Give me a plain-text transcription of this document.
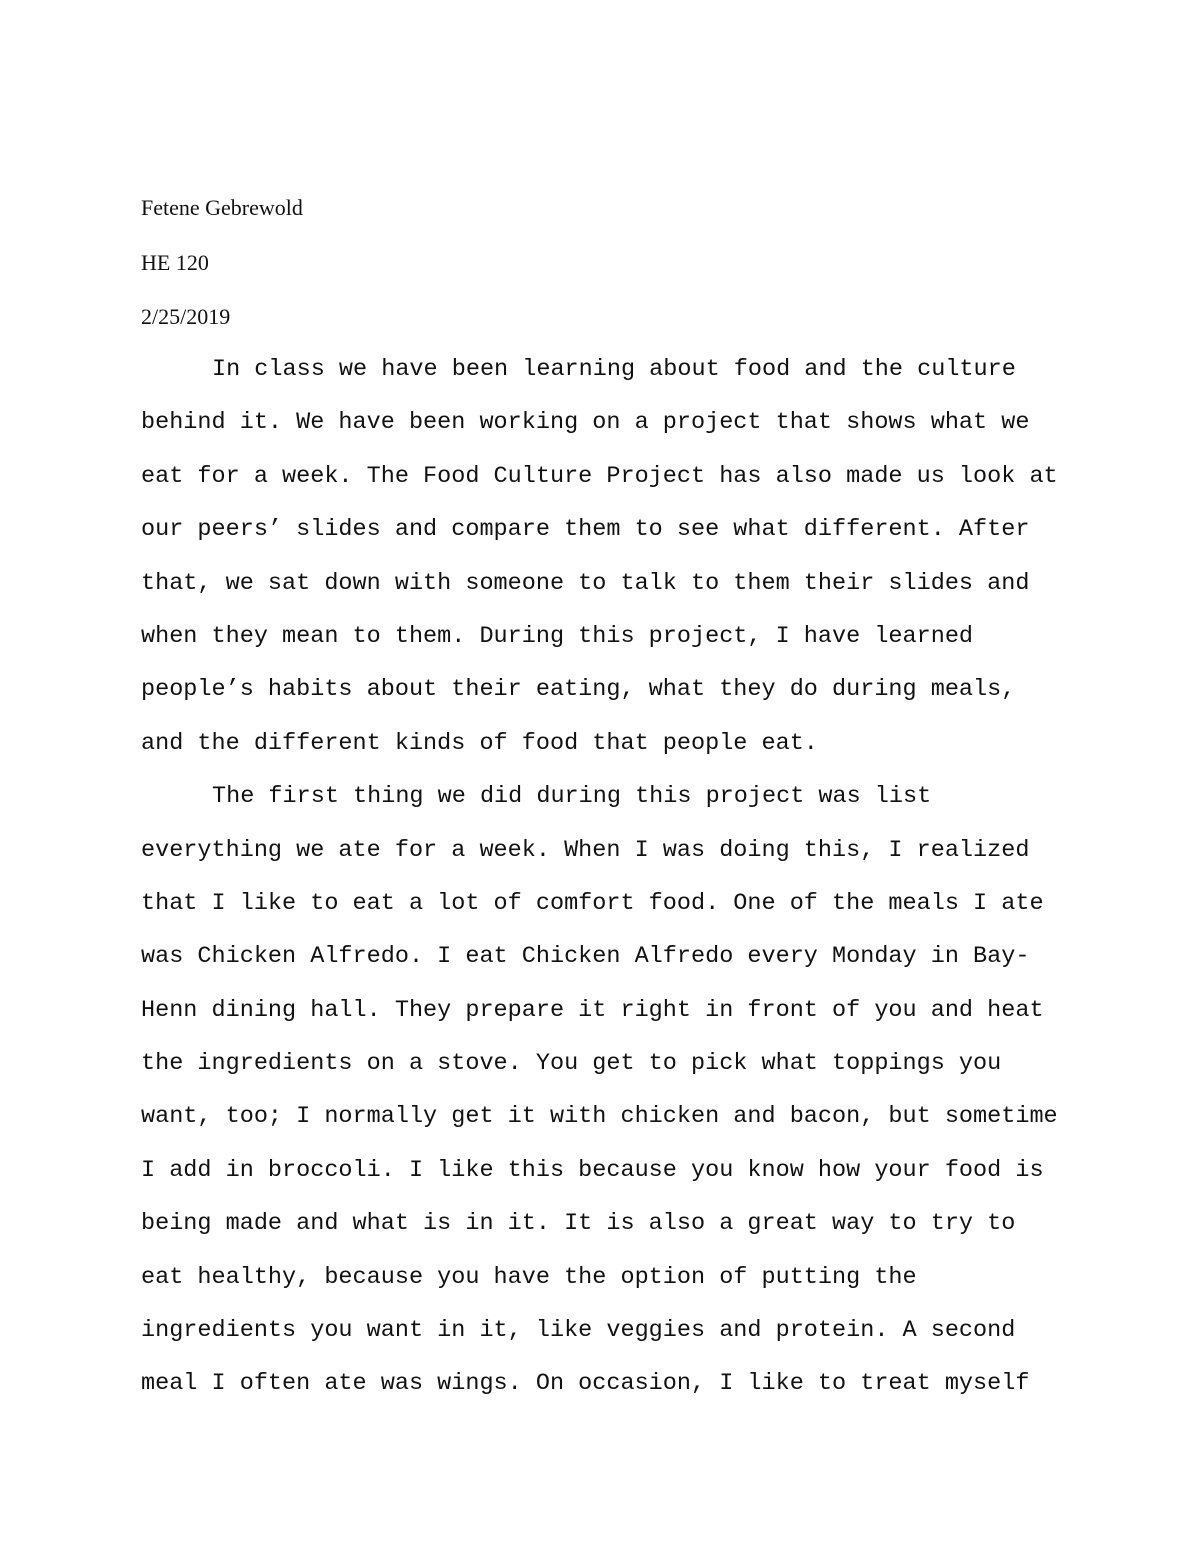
Fetene Gebrewold
HE 120
2/25/2019
In class we have been learning about food and the culture
behind it. We have been working on a project that shows what we
eat for a week. The Food Culture Project has also made us look at
our peers’ slides and compare them to see what different. After
that, we sat down with someone to talk to them their slides and
when they mean to them. During this project, I have learned
people’s habits about their eating, what they do during meals,
and the different kinds of food that people eat.
The first thing we did during this project was list
everything we ate for a week. When I was doing this, I realized
that I like to eat a lot of comfort food. One of the meals I ate
was Chicken Alfredo. I eat Chicken Alfredo every Monday in Bay-
Henn dining hall. They prepare it right in front of you and heat
the ingredients on a stove. You get to pick what toppings you
want, too; I normally get it with chicken and bacon, but sometime
I add in broccoli. I like this because you know how your food is
being made and what is in it. It is also a great way to try to
eat healthy, because you have the option of putting the
ingredients you want in it, like veggies and protein. A second
meal I often ate was wings. On occasion, I like to treat myself
